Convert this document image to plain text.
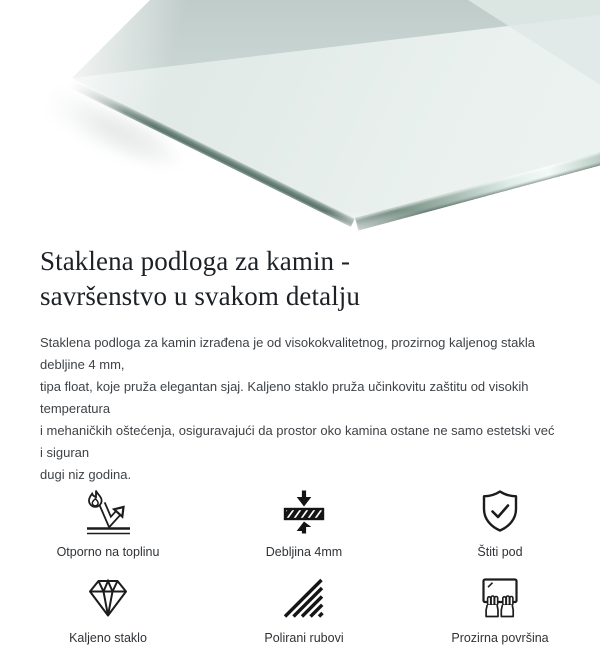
Staklena podloga za kamin -
savršenstvo u svakom detalju
Staklena podloga za kamin izrađena je od visokokvalitetnog, prozirnog kaljenog stakla debljine 4 mm,
tipa float, koje pruža elegantan sjaj. Kaljeno staklo pruža učinkovitu zaštitu od visokih temperatura
i mehaničkih oštećenja, osiguravajući da prostor oko kamina ostane ne samo estetski već i siguran
dugi niz godina.
Otporno na toplinu	Debljina 4mm	Štiti pod
Kaljeno staklo	Polirani rubovi	Prozirna površina
